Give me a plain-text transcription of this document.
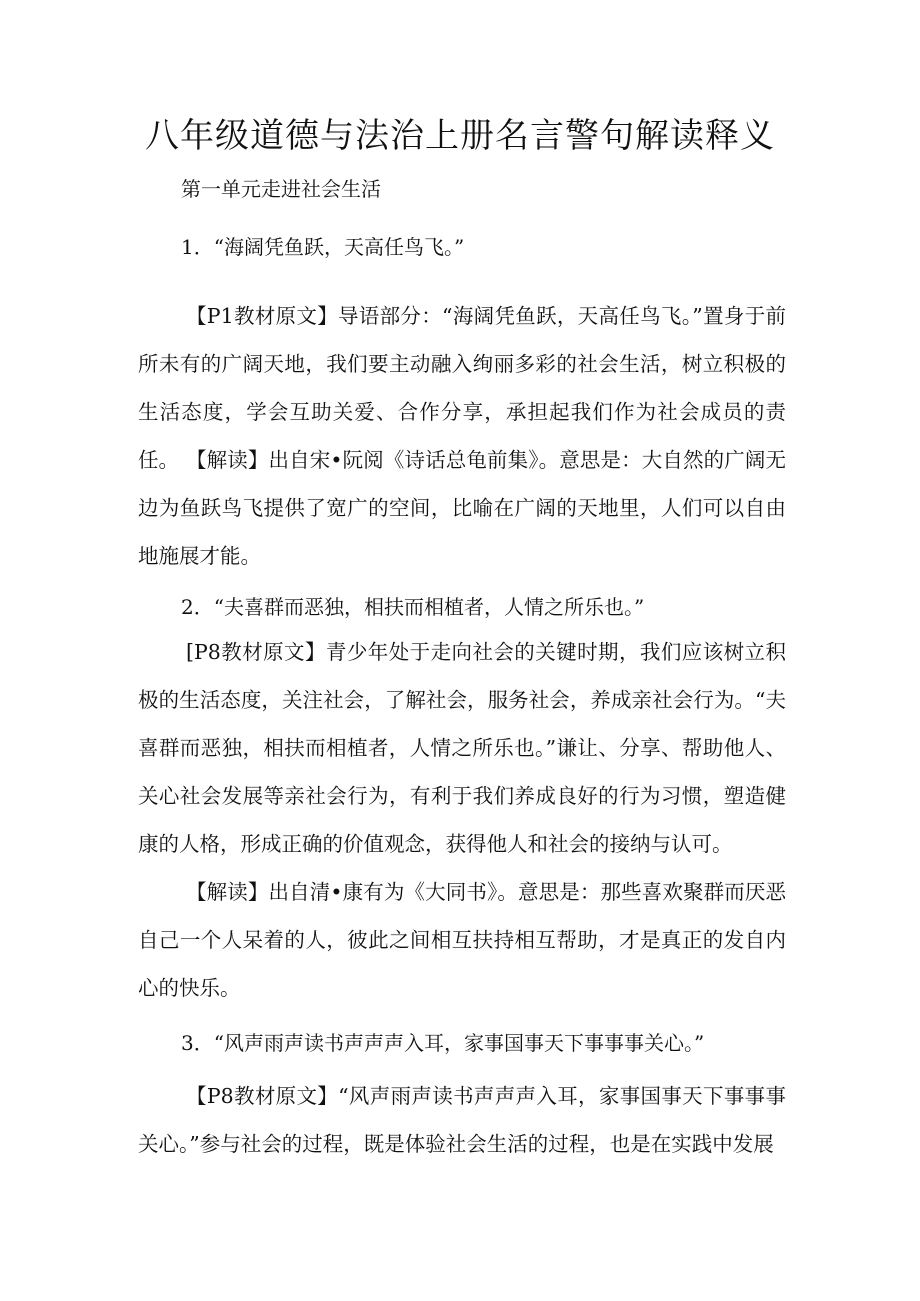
八年级道德与法治上册名言警句解读释义

第一单元走进社会生活

1．“海阔凭鱼跃，天高任鸟飞。”

【P1教材原文】导语部分：“海阔凭鱼跃，天高任鸟飞。”置身于前所未有的广阔天地，我们要主动融入绚丽多彩的社会生活，树立积极的生活态度，学会互助关爱、合作分享，承担起我们作为社会成员的责任。 【解读】出自宋•阮阅《诗话总龟前集》。意思是：大自然的广阔无边为鱼跃鸟飞提供了宽广的空间，比喻在广阔的天地里，人们可以自由地施展才能。

2．“夫喜群而恶独，相扶而相植者，人情之所乐也。”

[P8教材原文】青少年处于走向社会的关键时期，我们应该树立积极的生活态度，关注社会，了解社会，服务社会，养成亲社会行为。“夫喜群而恶独，相扶而相植者，人情之所乐也。”谦让、分享、帮助他人、关心社会发展等亲社会行为，有利于我们养成良好的行为习惯，塑造健康的人格，形成正确的价值观念，获得他人和社会的接纳与认可。

【解读】出自清•康有为《大同书》。意思是：那些喜欢聚群而厌恶自己一个人呆着的人，彼此之间相互扶持相互帮助，才是真正的发自内心的快乐。

3．“风声雨声读书声声声入耳，家事国事天下事事事关心。”

【P8教材原文】“风声雨声读书声声声入耳，家事国事天下事事事关心。”参与社会的过程，既是体验社会生活的过程，也是在实践中发展
